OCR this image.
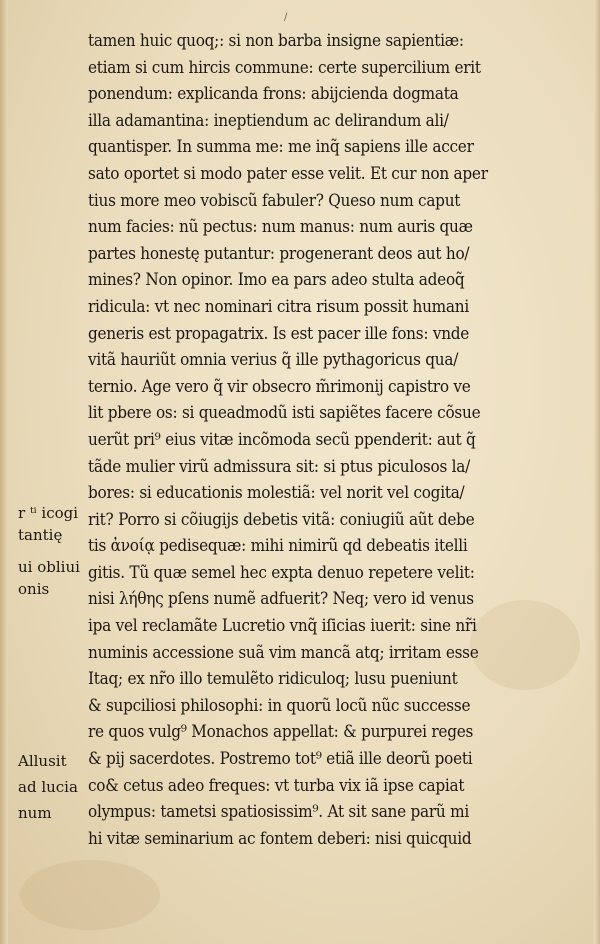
/
tamen huic quoq;: si non barba insigne sapientiæ:
etiam si cum hircis commune: certe supercilium erit
ponendum: explicanda frons: abijcienda dogmata
illa adamantina: ineptiendum ac delirandum ali/
quantisper. In summa me: me inq̃ sapiens ille accer
sato oportet si modo pater esse velit. Et cur non aper
tius more meo vobiscũ fabuler? Queso num caput
num facies: nũ pectus: num manus: num auris quæ
partes honestę putantur: progenerant deos aut ho/
mines? Non opinor. Imo ea pars adeo stulta adeoq̃
ridicula: vt nec nominari citra risum possit humani
generis est propagatrix. Is est pacer ille fons: vnde
vitã hauriũt omnia verius q̃ ille pythagoricus qua/
ternio. Age vero q̃ vir obsecro m̃rimonij capistro ve
lit pbere os: si queadmodũ isti sapiẽtes facere cõsue
uerũt pri⁹ eius vitæ incõmoda secũ ppenderit: aut q̃
tãde mulier virũ admissura sit: si ptus piculosos la/
bores: si educationis molestiã: vel norit vel cogita/
rit? Porro si cõiugijs debetis vitã: coniugiũ aũt debe
tis ἀνοίᾳ pedisequæ: mihi nimirũ qd debeatis itelli
gitis. Tũ quæ semel hec expta denuo repetere velit:
nisi λήθης pſens numẽ adfuerit? Neq; vero id venus
ipa vel reclamãte Lucretio vnq̃ iſicias iuerit: sine nr̃i
numinis accessione suã vim mancã atq; irritam esse
Itaq; ex nr̃o illo temulẽto ridiculoq; lusu pueniunt
& supciliosi philosophi: in quorũ locũ nũc successe
re quos vulg⁹ Monachos appellat: & purpurei reges
& pij sacerdotes. Postremo tot⁹ etiã ille deorũ poeti
co& cetus adeo freques: vt turba vix iã ipse capiat
olympus: tametsi spatiosissim⁹. At sit sane parũ mi
hi vitæ seminarium ac fontem deberi: nisi quicquid
r ᵗⁱ icogi
tantię
ui obliui
onis
Allusit
ad lucia
num
